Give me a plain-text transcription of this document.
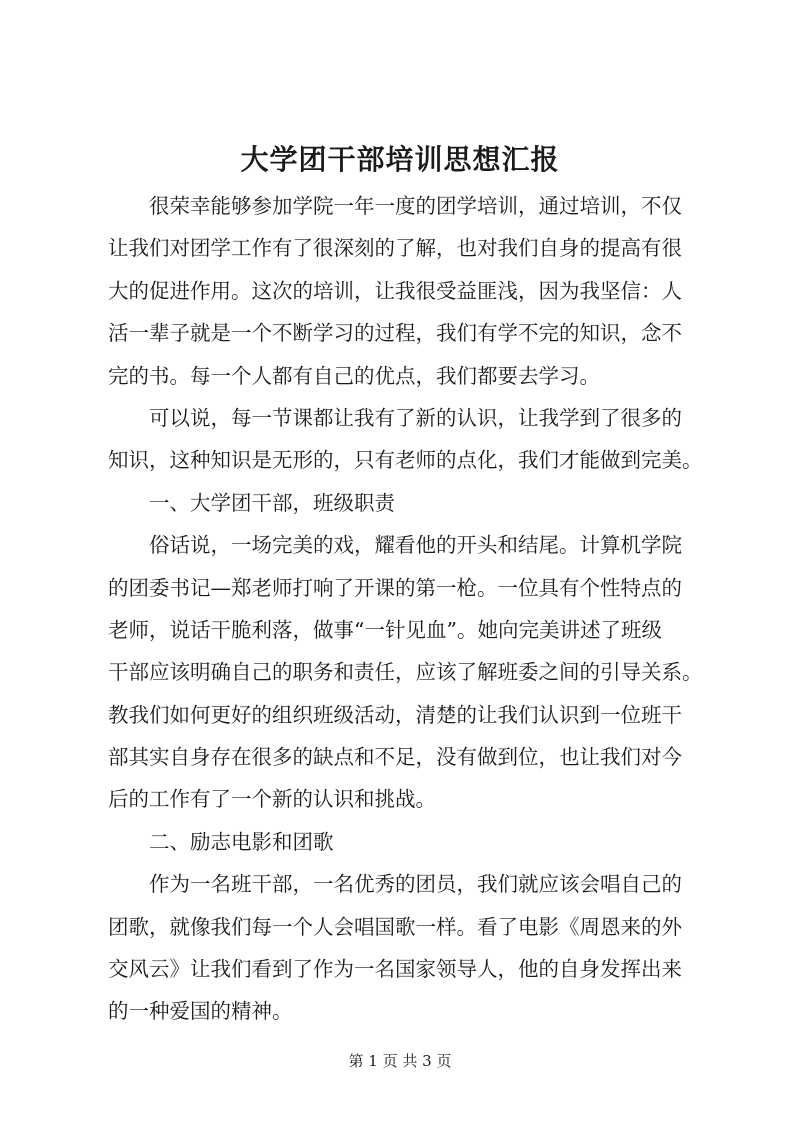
大学团干部培训思想汇报
很荣幸能够参加学院一年一度的团学培训，通过培训，不仅
让我们对团学工作有了很深刻的了解，也对我们自身的提高有很
大的促进作用。这次的培训，让我很受益匪浅，因为我坚信：人
活一辈子就是一个不断学习的过程，我们有学不完的知识，念不
完的书。每一个人都有自己的优点，我们都要去学习。
可以说，每一节课都让我有了新的认识，让我学到了很多的
知识，这种知识是无形的，只有老师的点化，我们才能做到完美。
一、大学团干部，班级职责
俗话说，一场完美的戏，耀看他的开头和结尾。计算机学院
的团委书记—郑老师打响了开课的第一枪。一位具有个性特点的
老师，说话干脆利落，做事“一针见血”。她向完美讲述了班级
干部应该明确自己的职务和责任，应该了解班委之间的引导关系。
教我们如何更好的组织班级活动，清楚的让我们认识到一位班干
部其实自身存在很多的缺点和不足，没有做到位，也让我们对今
后的工作有了一个新的认识和挑战。
二、励志电影和团歌
作为一名班干部，一名优秀的团员，我们就应该会唱自己的
团歌，就像我们每一个人会唱国歌一样。看了电影《周恩来的外
交风云》让我们看到了作为一名国家领导人，他的自身发挥出来
的一种爱国的精神。
第 1 页 共 3 页
